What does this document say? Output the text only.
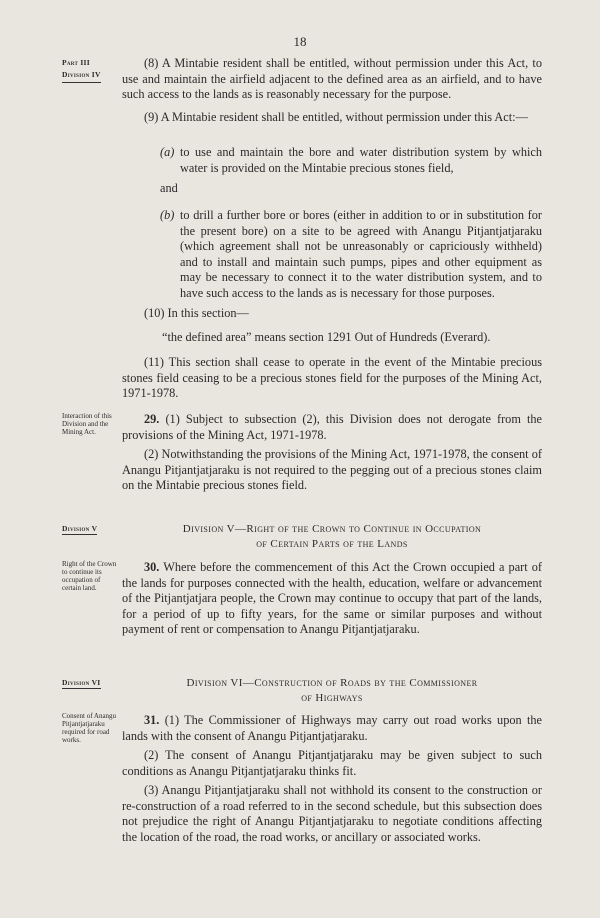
18
Part III
Division IV

(8) A Mintabie resident shall be entitled, without permission under this Act, to use and maintain the airfield adjacent to the defined area as an airfield, and to have such access to the lands as is reasonably necessary for the purpose.

(9) A Mintabie resident shall be entitled, without permission under this Act:—

(a) to use and maintain the bore and water distribution system by which water is provided on the Mintabie precious stones field,
and
(b) to drill a further bore or bores (either in addition to or in substitution for the present bore) on a site to be agreed with Anangu Pitjantjatjaraku (which agreement shall not be unreasonably or capriciously withheld) and to install and maintain such pumps, pipes and other equipment as may be necessary to connect it to the water distribution system, and to have such access to the lands as is necessary for those purposes.

(10) In this section—

“the defined area” means section 1291 Out of Hundreds (Everard).

(11) This section shall cease to operate in the event of the Mintabie precious stones field ceasing to be a precious stones field for the purposes of the Mining Act, 1971-1978.

Interaction of this Division and the Mining Act.

29. (1) Subject to subsection (2), this Division does not derogate from the provisions of the Mining Act, 1971-1978.

(2) Notwithstanding the provisions of the Mining Act, 1971-1978, the consent of Anangu Pitjantjatjaraku is not required to the pegging out of a precious stones claim on the Mintabie precious stones field.

Division V	Division V—Right of the Crown to Continue in Occupation
of Certain Parts of the Lands
Right of the Crown to continue its occupation of certain land.

30. Where before the commencement of this Act the Crown occupied a part of the lands for purposes connected with the health, education, welfare or advancement of the Pitjantjatjara people, the Crown may continue to occupy that part of the lands, for a period of up to fifty years, for the same or similar purposes and without payment of rent or compensation to Anangu Pitjantjatjaraku.

Division VI	Division VI—Construction of Roads by the Commissioner
of Highways
Consent of Anangu Pitjantjatjaraku required for road works.

31. (1) The Commissioner of Highways may carry out road works upon the lands with the consent of Anangu Pitjantjatjaraku.

(2) The consent of Anangu Pitjantjatjaraku may be given subject to such conditions as Anangu Pitjantjatjaraku thinks fit.

(3) Anangu Pitjantjatjaraku shall not withhold its consent to the construction or re-construction of a road referred to in the second schedule, but this subsection does not prejudice the right of Anangu Pitjantjatjaraku to negotiate conditions affecting the location of the road, the road works, or ancillary or associated works.
